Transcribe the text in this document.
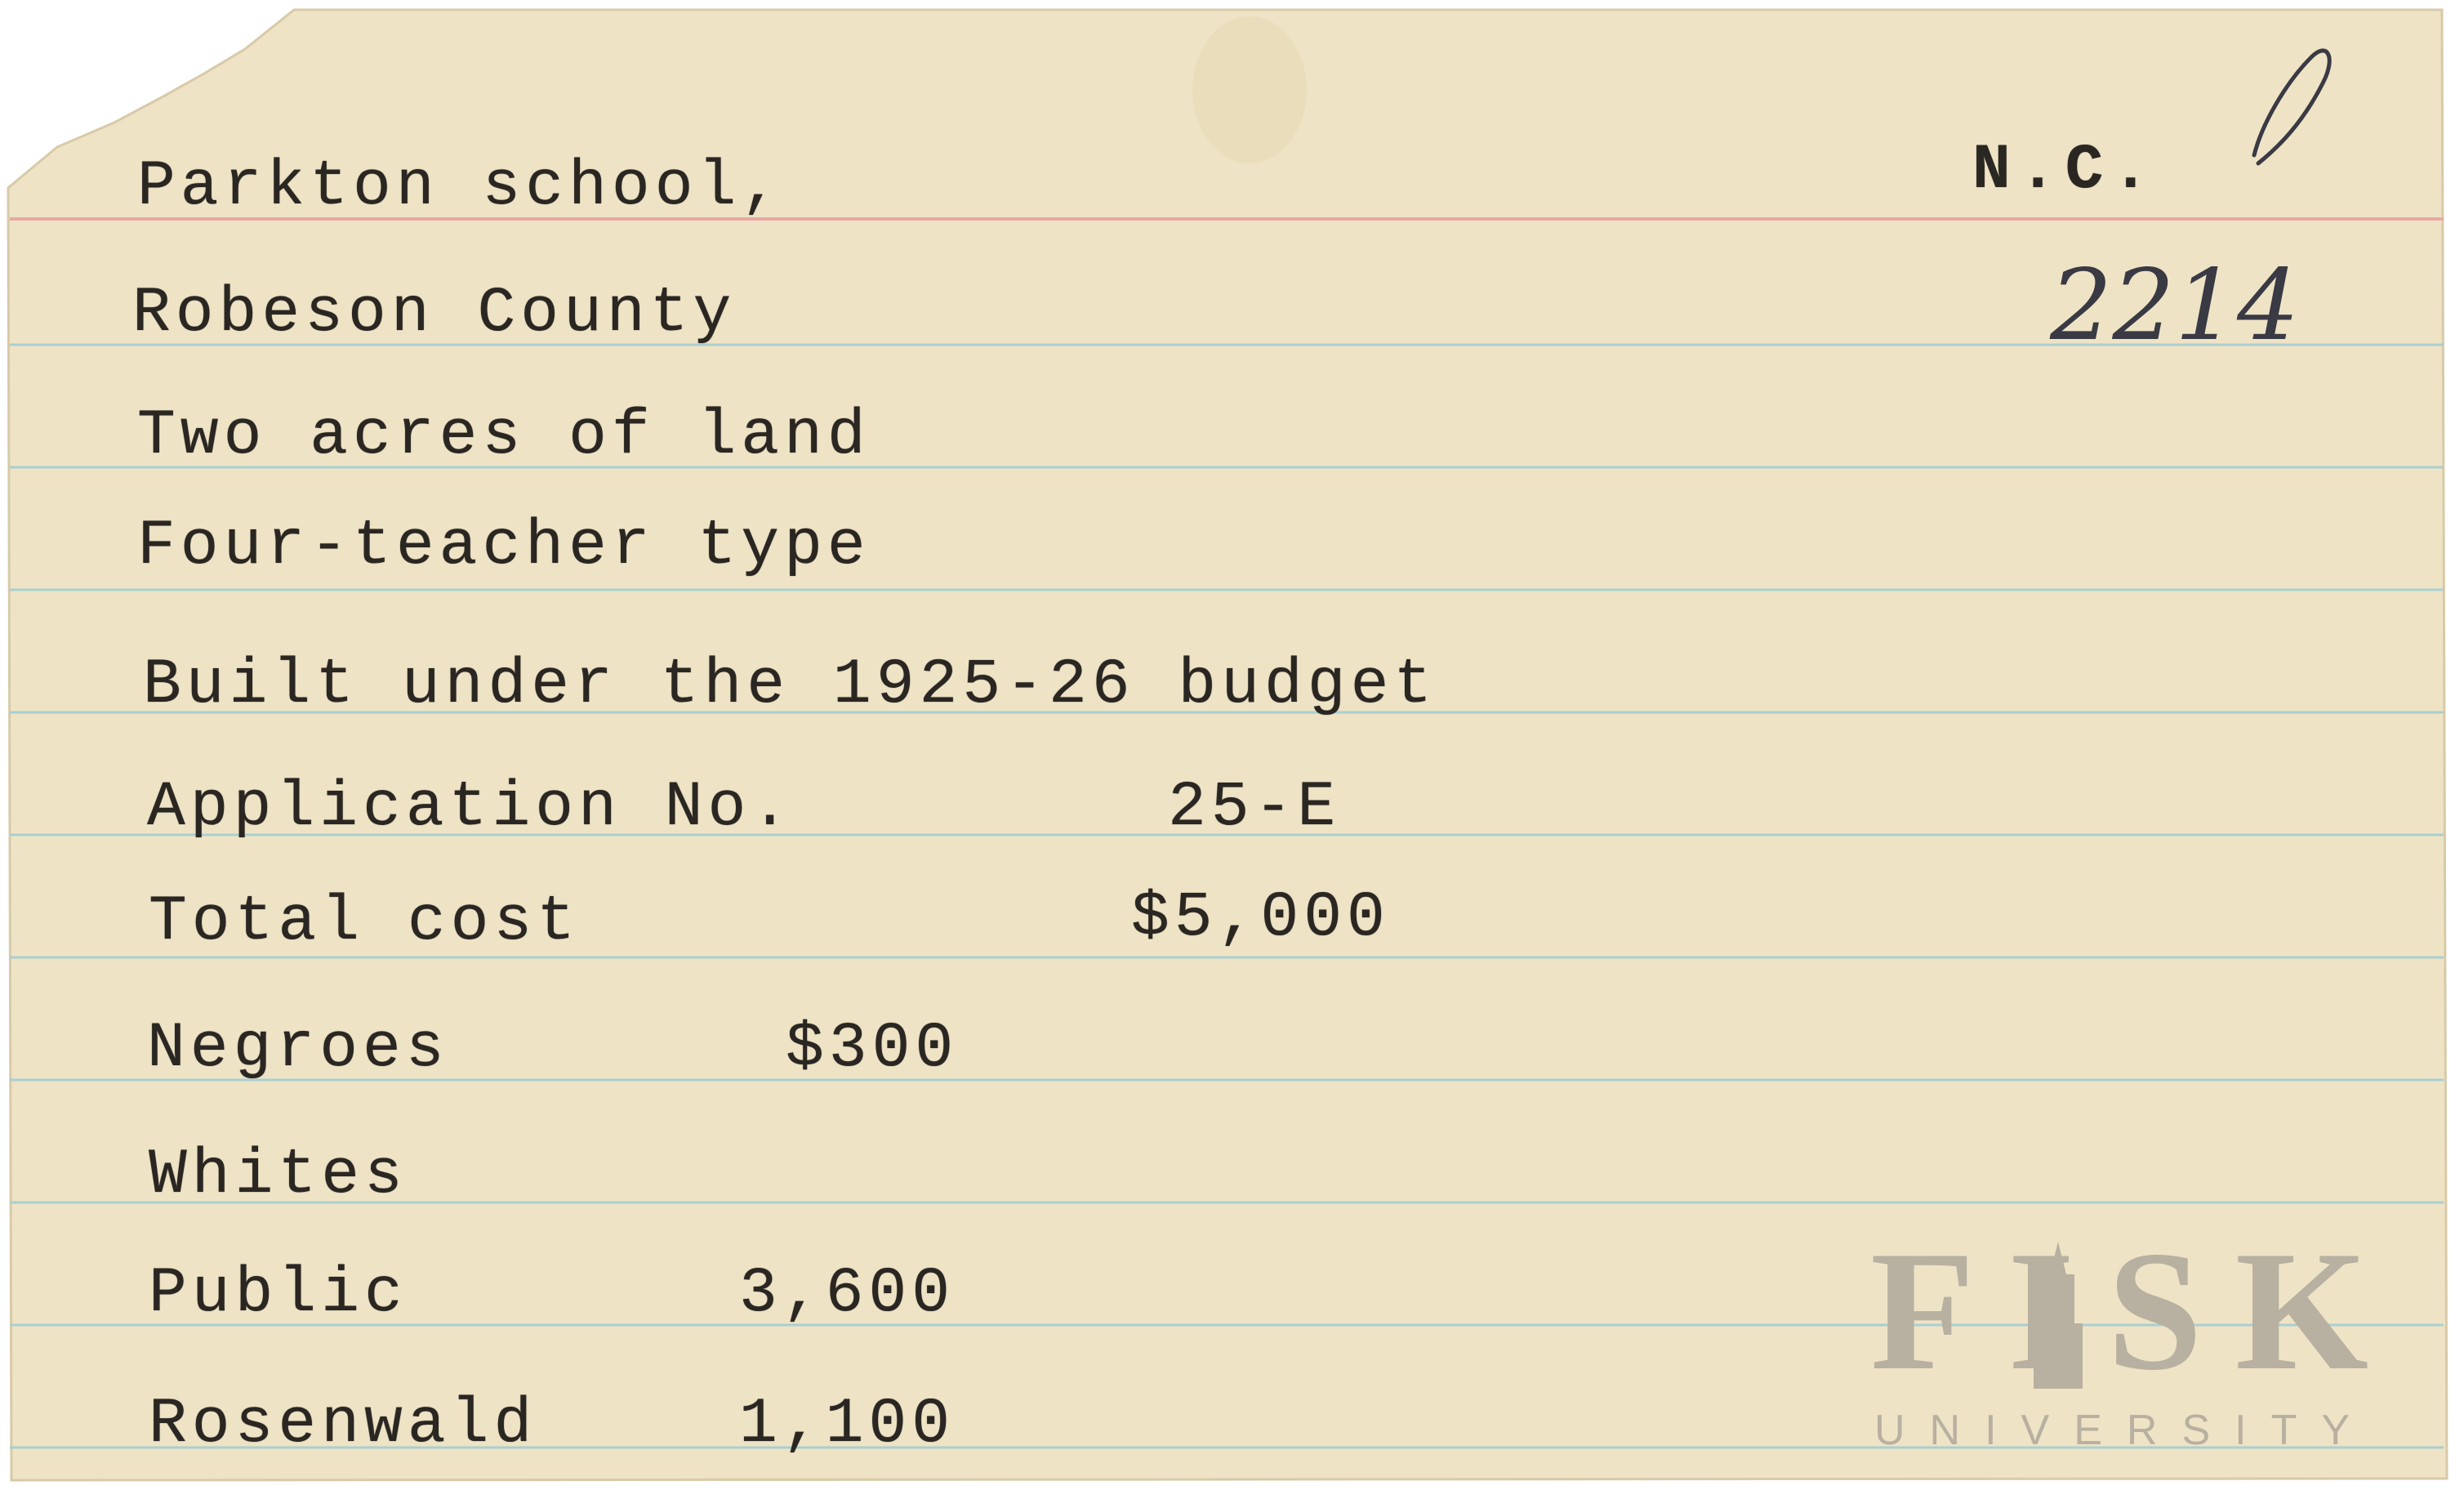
Parkton school,
Robeson County
Two acres of land
Four-teacher type
Built under the 1925-26 budget
Application No.
Total cost
Negroes
Whites
Public
Rosenwald
25-E
$5,000
$300
3,600
1,100
N.C.
2214
FISK
UNIVERSITY
